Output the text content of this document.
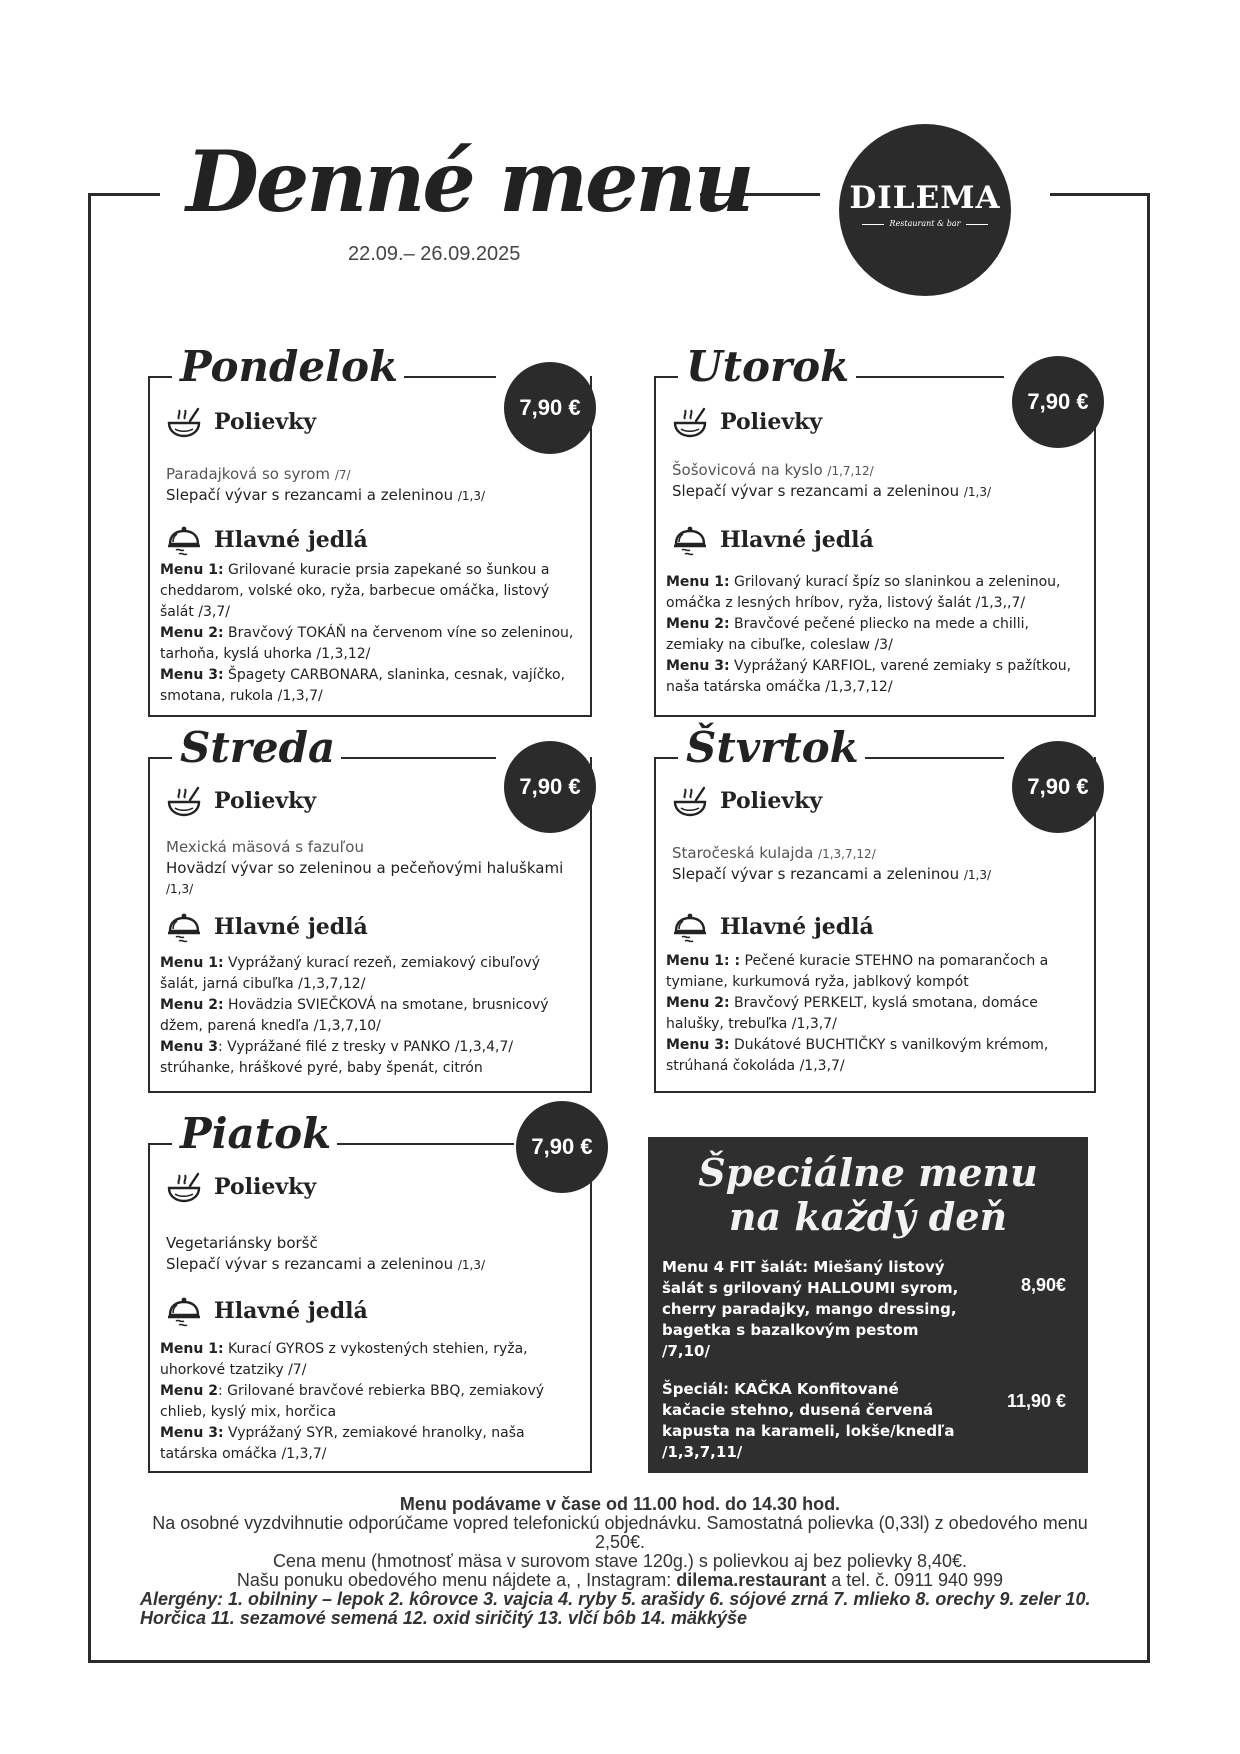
Denné menu
22.09.– 26.09.2025
DILEMA
Restaurant & bar
Pondelok
7,90 €
Polievky
Paradajková so syrom /7/
Slepačí vývar s rezancami a zeleninou /1,3/
Hlavné jedlá

Menu 1: Grilované kuracie prsia zapekané so šunkou a cheddarom, volské oko, ryža, barbecue omáčka, listový šalát /3,7/

Menu 2: Bravčový TOKÁŇ na červenom víne so zeleninou, tarhoňa, kyslá uhorka /1,3,12/

Menu 3: Špagety CARBONARA, slaninka, cesnak, vajíčko, smotana, rukola /1,3,7/

Utorok
7,90 €
Polievky
Šošovicová na kyslo /1,7,12/
Slepačí vývar s rezancami a zeleninou /1,3/
Hlavné jedlá

Menu 1: Grilovaný kurací špíz so slaninkou a zeleninou, omáčka z lesných hríbov, ryža, listový šalát /1,3,,7/

Menu 2: Bravčové pečené pliecko na mede a chilli, zemiaky na cibuľke, coleslaw /3/

Menu 3: Vyprážaný KARFIOL, varené zemiaky s pažítkou, naša tatárska omáčka /1,3,7,12/

Streda
7,90 €
Polievky
Mexická mäsová s fazuľou
Hovädzí vývar so zeleninou a pečeňovými haluškami /1,3/
Hlavné jedlá

Menu 1: Vyprážaný kurací rezeň, zemiakový cibuľový šalát, jarná cibuľka /1,3,7,12/

Menu 2: Hovädzia SVIEČKOVÁ na smotane, brusnicový džem, parená knedľa /1,3,7,10/

Menu 3: Vyprážané filé z tresky v PANKO /1,3,4,7/ strúhanke, hráškové pyré, baby špenát, citrón

Štvrtok
7,90 €
Polievky
Staročeská kulajda /1,3,7,12/
Slepačí vývar s rezancami a zeleninou /1,3/
Hlavné jedlá

Menu 1: : Pečené kuracie STEHNO na pomarančoch a tymiane, kurkumová ryža, jablkový kompót

Menu 2: Bravčový PERKELT, kyslá smotana, domáce halušky, trebuľka /1,3,7/

Menu 3: Dukátové BUCHTIČKY s vanilkovým krémom, strúhaná čokoláda /1,3,7/

Piatok	7,90 €
Polievky
Vegetariánsky boršč
Slepačí vývar s rezancami a zeleninou /1,3/
Hlavné jedlá

Menu 1: Kurací GYROS z vykostených stehien, ryža, uhorkové tzatziky /7/

Menu 2: Grilované bravčové rebierka BBQ, zemiakový chlieb, kyslý mix, horčica

Menu 3: Vyprážaný SYR, zemiakové hranolky, naša tatárska omáčka /1,3,7/

Špeciálne menu
na každý deň
Menu 4 FIT šalát: Miešaný listový šalát s grilovaný HALLOUMI syrom, cherry paradajky, mango dressing, bagetka s bazalkovým pestom /7,10/
8,90€
Špeciál: KAČKA Konfitované kačacie stehno, dusená červená kapusta na karameli, lokše/knedľa /1,3,7,11/
11,90 €

Menu podávame v čase od 11.00 hod. do 14.30 hod.

Na osobné vyzdvihnutie odporúčame vopred telefonickú objednávku. Samostatná polievka (0,33l) z obedového menu 2,50€.

Cena menu (hmotnosť mäsa v surovom stave 120g.) s polievkou aj bez polievky 8,40€.

Našu ponuku obedového menu nájdete a, , Instagram: dilema.restaurant a tel. č. 0911 940 999

Alergény: 1. obilniny – lepok 2. kôrovce 3. vajcia 4. ryby 5. arašidy 6. sójové zrná 7. mlieko 8. orechy 9. zeler 10. Horčica 11. sezamové semená 12. oxid siričitý 13. vlčí bôb 14. mäkkýše
